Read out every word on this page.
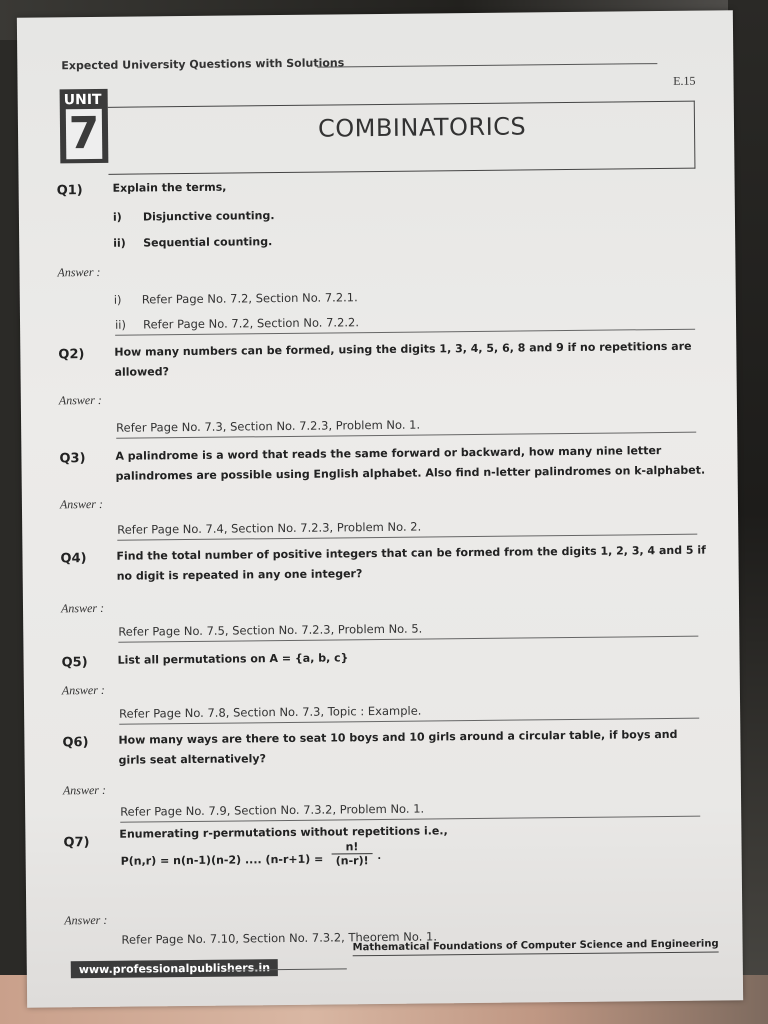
Expected University Questions with Solutions
E.15
UNIT
7	COMBINATORICS
Q1)	Explain the terms,
i) Disjunctive counting.
ii) Sequential counting.
Answer :
i) Refer Page No. 7.2, Section No. 7.2.1.
ii) Refer Page No. 7.2, Section No. 7.2.2.
Q2)	How many numbers can be formed, using the digits 1, 3, 4, 5, 6, 8 and 9 if no repetitions are allowed?
Answer :
Refer Page No. 7.3, Section No. 7.2.3, Problem No. 1.
Q3)	A palindrome is a word that reads the same forward or backward, how many nine letter palindromes are possible using English alphabet. Also find n-letter palindromes on k-alphabet.
Answer :
Refer Page No. 7.4, Section No. 7.2.3, Problem No. 2.
Q4)	Find the total number of positive integers that can be formed from the digits 1, 2, 3, 4 and 5 if no digit is repeated in any one integer?
Answer :
Refer Page No. 7.5, Section No. 7.2.3, Problem No. 5.
Q5)	List all permutations on A = {a, b, c}
Answer :
Refer Page No. 7.8, Section No. 7.3, Topic : Example.
Q6)	How many ways are there to seat 10 boys and 10 girls around a circular table, if boys and girls seat alternatively?
Answer :
Refer Page No. 7.9, Section No. 7.3.2, Problem No. 1.
Q7)
Enumerating r-permutations without repetitions i.e.,
P(n,r) = n(n-1)(n-2) .... $(n-r+1) = \frac{n!}{(n-r)!}$ .
Answer :
Refer Page No. 7.10, Section No. 7.3.2, Theorem No. 1.
Mathematical Foundations of Computer Science and Engineering
www.professionalpublishers.in
